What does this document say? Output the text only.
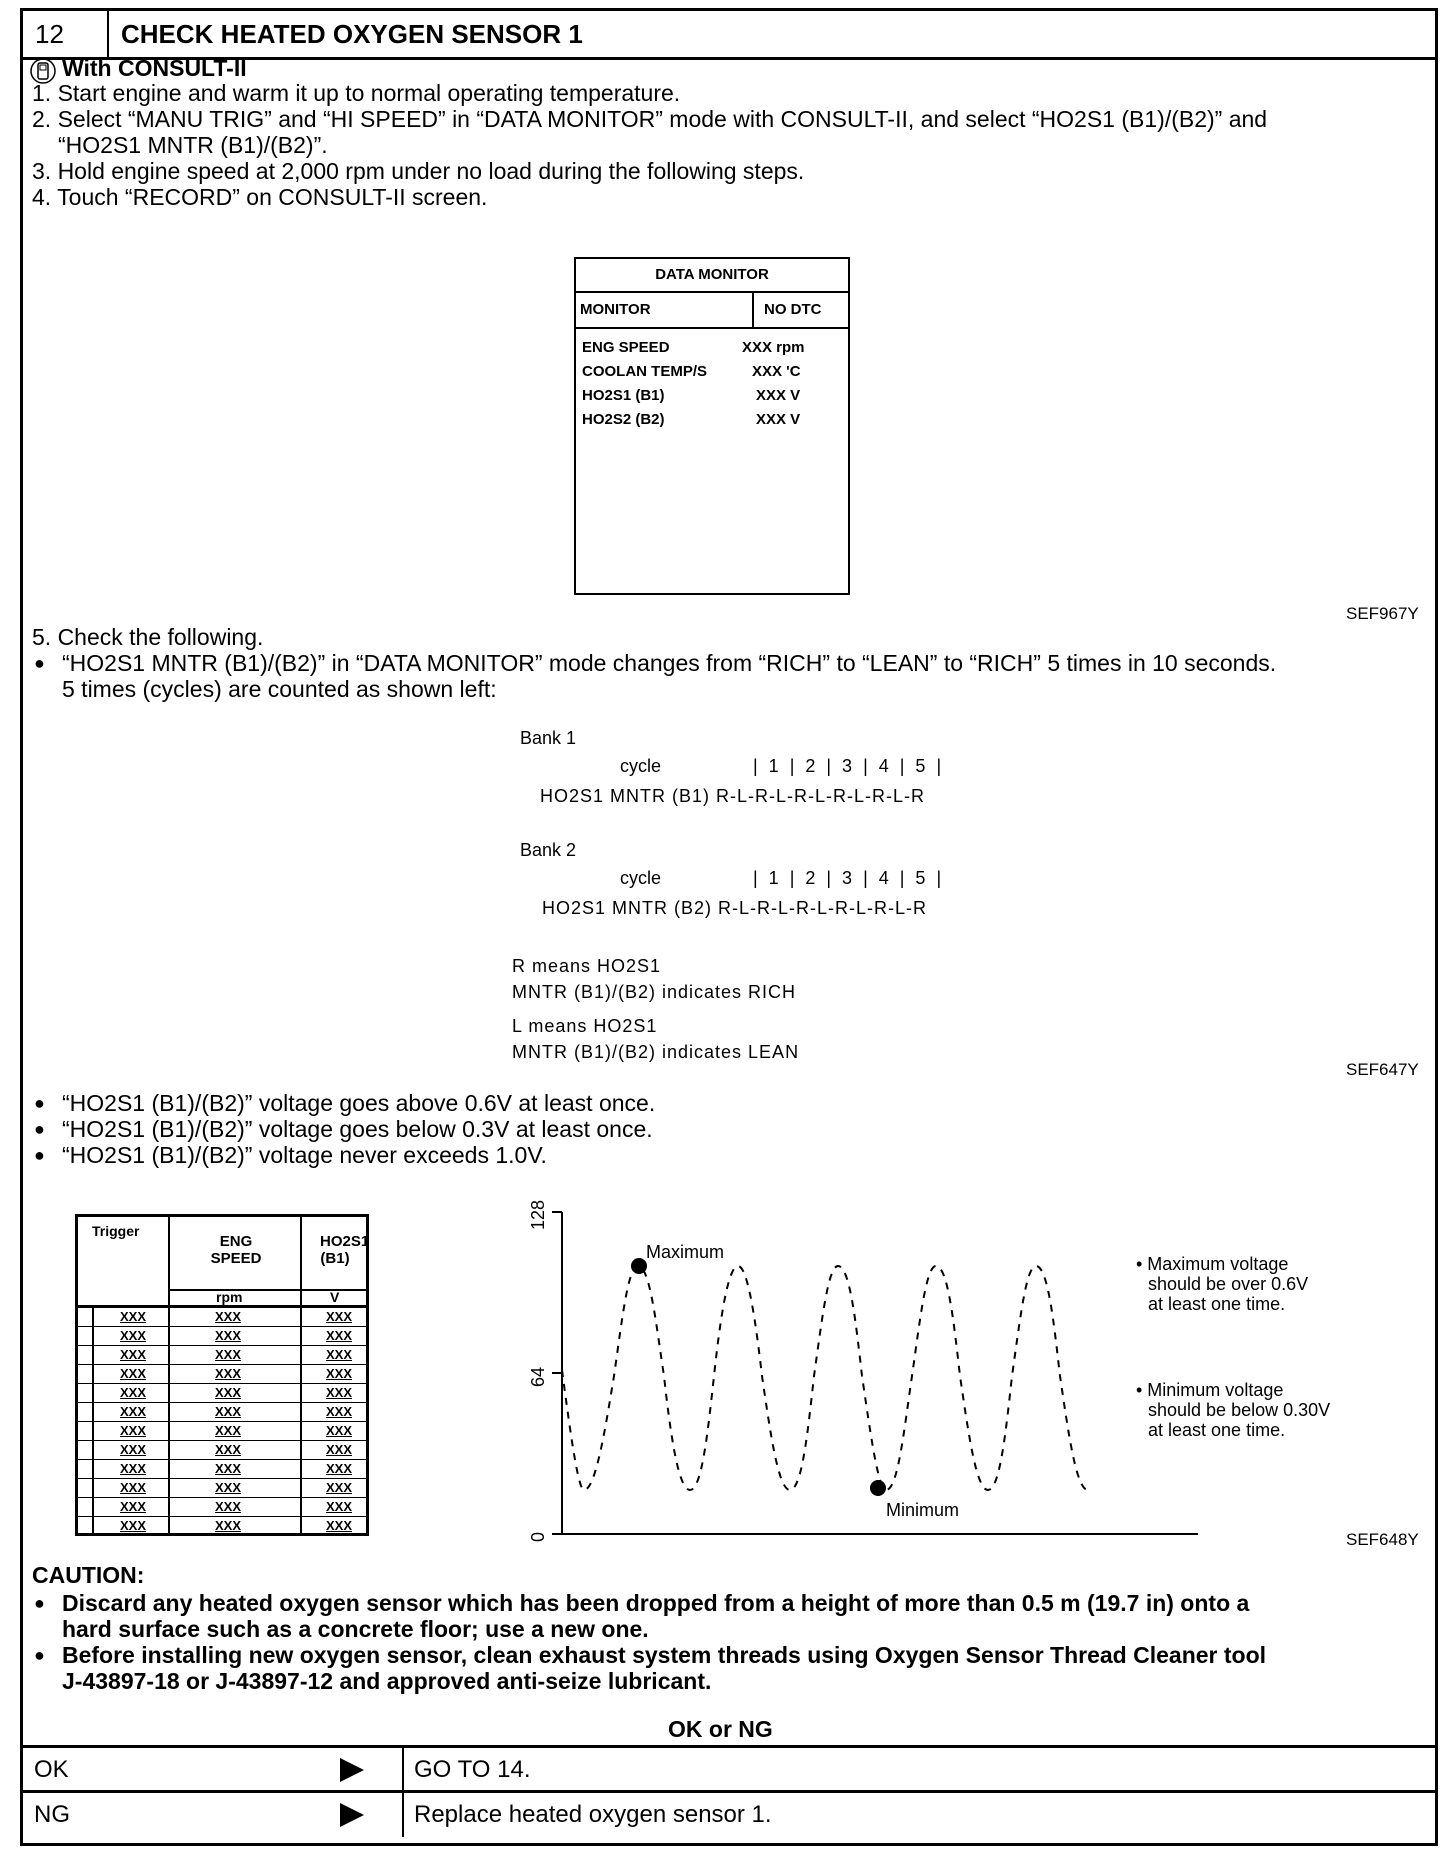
12	CHECK HEATED OXYGEN SENSOR 1
With CONSULT-II
1. Start engine and warm it up to normal operating temperature.
2. Select “MANU TRIG” and “HI SPEED” in “DATA MONITOR” mode with CONSULT-II, and select “HO2S1 (B1)/(B2)” and
“HO2S1 MNTR (B1)/(B2)”.
3. Hold engine speed at 2,000 rpm under no load during the following steps.
4. Touch “RECORD” on CONSULT-II screen.
DATA MONITOR
MONITOR	NO DTC
ENG SPEED	XXX rpm
COOLAN TEMP/S	XXX 'C
HO2S1 (B1)	XXX V
HO2S2 (B2)	XXX V
SEF967Y
5. Check the following.
● “HO2S1 MNTR (B1)/(B2)” in “DATA MONITOR” mode changes from “RICH” to “LEAN” to “RICH” 5 times in 10 seconds.
5 times (cycles) are counted as shown left:
Bank 1
cycle	| 1 | 2 | 3 | 4 | 5 |
HO2S1 MNTR (B1) R-L-R-L-R-L-R-L-R-L-R
Bank 2
cycle	| 1 | 2 | 3 | 4 | 5 |
HO2S1 MNTR (B2) R-L-R-L-R-L-R-L-R-L-R
R means HO2S1
MNTR (B1)/(B2) indicates RICH
L means HO2S1
MNTR (B1)/(B2) indicates LEAN
SEF647Y
● “HO2S1 (B1)/(B2)” voltage goes above 0.6V at least once.
● “HO2S1 (B1)/(B2)” voltage goes below 0.3V at least once.
● “HO2S1 (B1)/(B2)” voltage never exceeds 1.0V.
Trigger
ENG SPEED
HO2S1 (B1)
rpm	V
XXX	XXX	XXX
XXX	XXX	XXX
XXX	XXX	XXX
XXX	XXX	XXX
XXX	XXX	XXX
XXX	XXX	XXX
XXX	XXX	XXX
XXX	XXX	XXX
XXX	XXX	XXX
XXX	XXX	XXX
XXX	XXX	XXX
XXX	XXX	XXX
128
64
0
Maximum
Minimum
• Maximum voltage
should be over 0.6V
at least one time.
• Minimum voltage
should be below 0.30V
at least one time.
SEF648Y
CAUTION:
● Discard any heated oxygen sensor which has been dropped from a height of more than 0.5 m (19.7 in) onto a
hard surface such as a concrete floor; use a new one.
● Before installing new oxygen sensor, clean exhaust system threads using Oxygen Sensor Thread Cleaner tool
J-43897-18 or J-43897-12 and approved anti-seize lubricant.
OK or NG
OK	GO TO 14.
NG	Replace heated oxygen sensor 1.
